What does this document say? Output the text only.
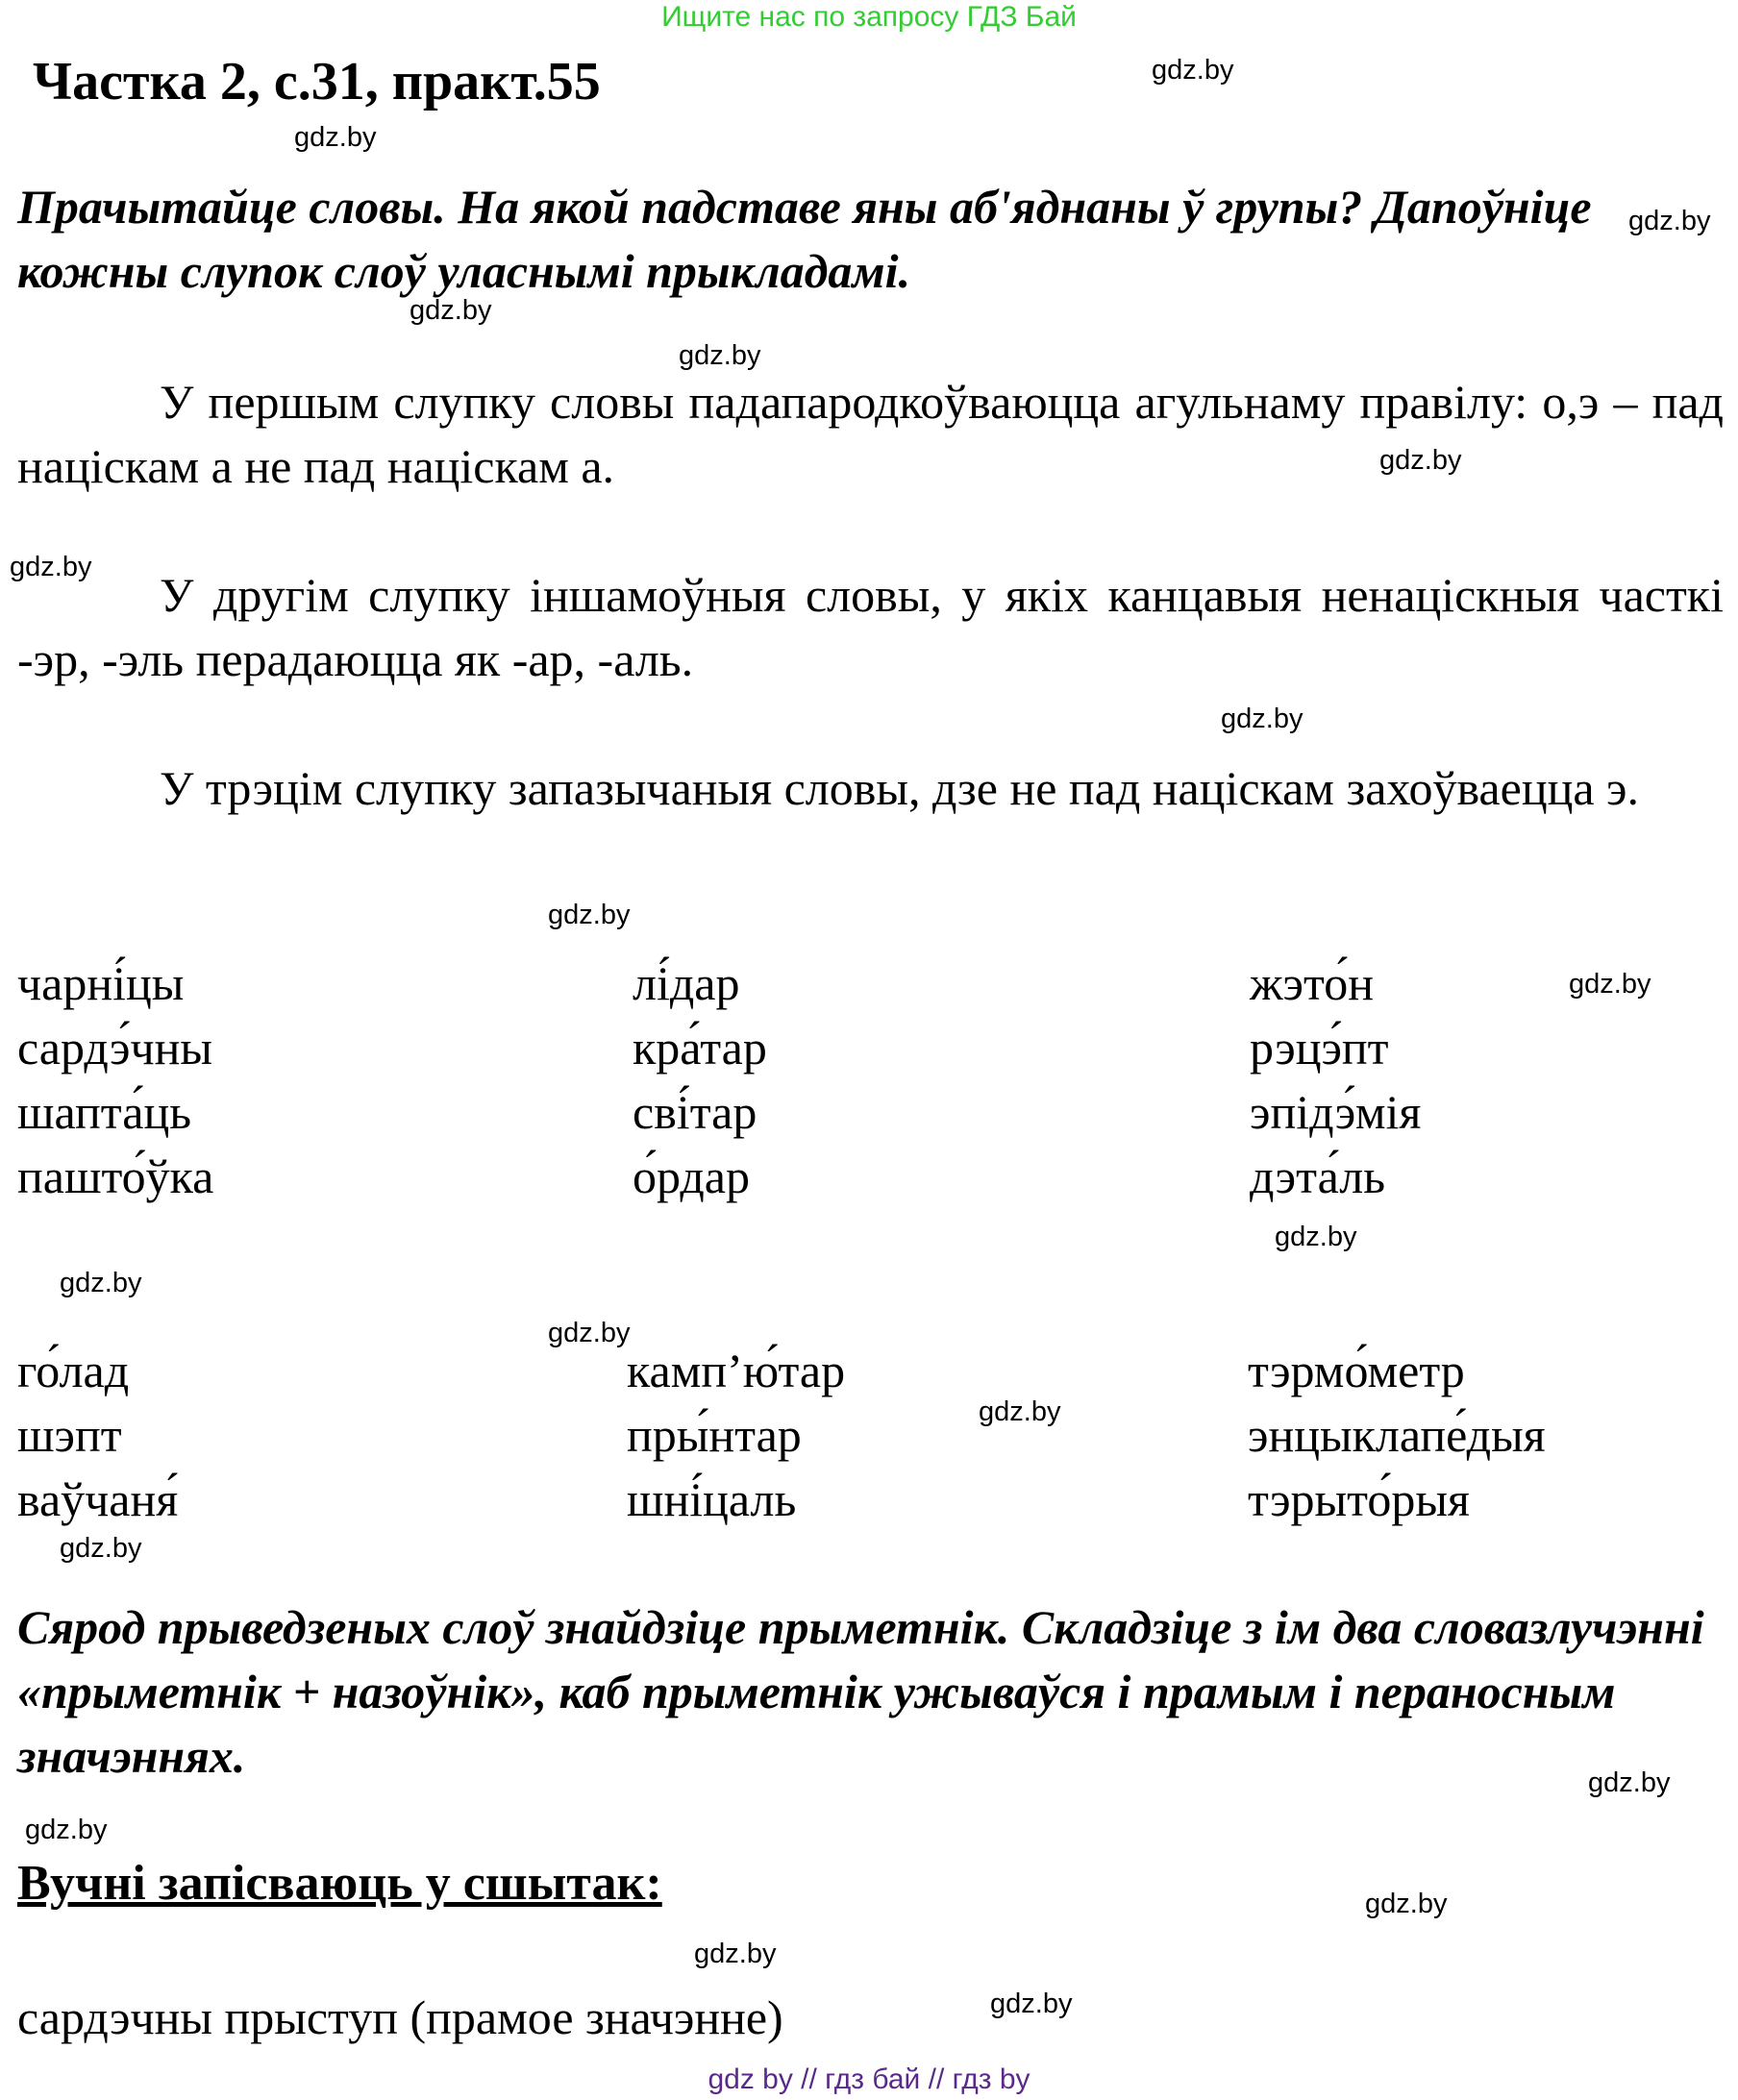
Ищите нас по запросу ГДЗ Бай
Частка 2, с.31, практ.55
Прачытайце словы. На якой падставе яны аб'яднаны ў групы? Дапоўніце кожны слупок слоў уласнымі прыкладамі.
У першым слупку словы падапародкоўваюцца агульнаму правілу: о,э – пад націскам а не пад націскам а.
У другім слупку іншамоўныя словы, у якіх канцавыя ненаціскныя часткі -эр, -эль перадаюцца як -ар, -аль.
У трэцім слупку запазычаныя словы, дзе не пад націскам захоўваецца э.
чарні́цы
сардэ́чны
шапта́ць
пашто́ўка
лі́дар
кра́тар
сві́тар
о́рдар
жэто́н
рэцэ́пт
эпідэ́мія
дэта́ль
го́лад
шэпт
ваўчаня́
камп’ю́тар
пры́нтар
шні́цаль
тэрмо́метр
энцыклапе́дыя
тэрыто́рыя
Сярод прыведзеных слоў знайдзіце прыметнік. Складзіце з ім два словазлучэнні «прыметнік + назоўнік», каб прыметнік ужываўся і прамым і пераносным значэннях.
Вучні запісваюць у сшытак:
сардэчны прыступ (прамое значэнне)
gdz.by
gdz.by
gdz.by
gdz.by
gdz.by
gdz.by
gdz.by
gdz.by
gdz.by
gdz.by
gdz.by
gdz.by
gdz.by
gdz.by
gdz.by
gdz.by
gdz.by
gdz.by
gdz.by
gdz.by
gdz by // гдз бай // гдз by
